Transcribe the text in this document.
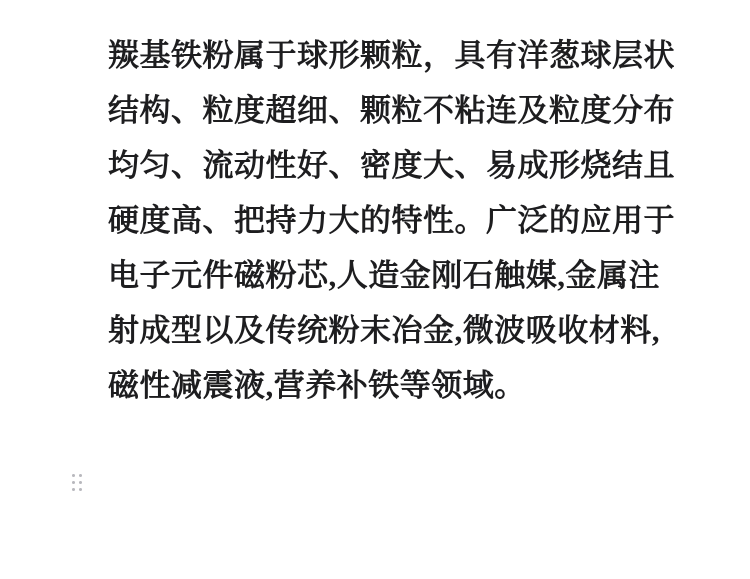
羰基铁粉属于球形颗粒，具有洋葱球层状结构、粒度超细、颗粒不粘连及粒度分布均匀、流动性好、密度大、易成形烧结且硬度高、把持力大的特性。广泛的应用于电子元件磁粉芯,人造金刚石触媒,金属注射成型以及传统粉末冶金,微波吸收材料,磁性减震液,营养补铁等领域。
